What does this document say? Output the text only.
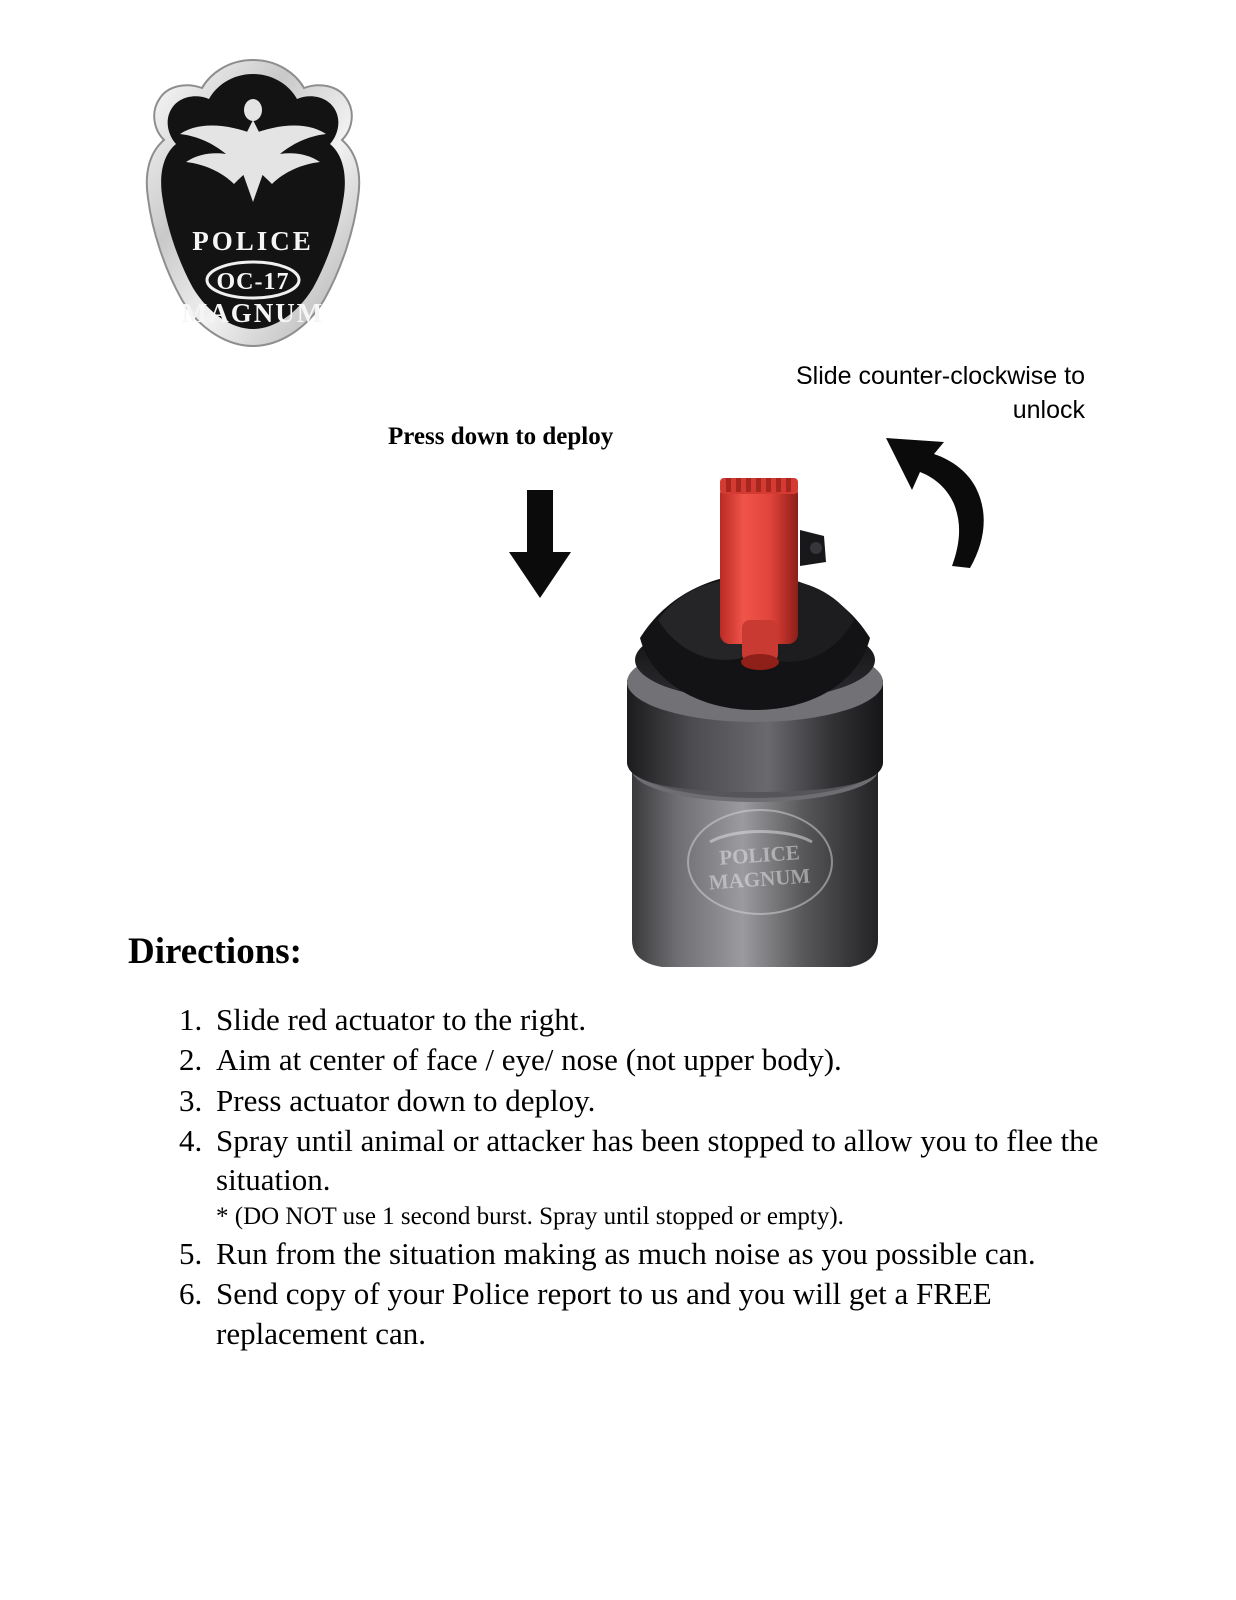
POLICE
OC-17
MAGNUM
Press down to deploy
Slide counter-clockwise to unlock
POLICE
MAGNUM
Directions:
1. Slide red actuator to the right.
2. Aim at center of face / eye/ nose (not upper body).
3. Press actuator down to deploy.
4. Spray until animal or attacker has been stopped to allow you to flee the situation.
* (DO NOT use 1 second burst. Spray until stopped or empty).
5. Run from the situation making as much noise as you possible can.
6. Send copy of your Police report to us and you will get a FREE replacement can.
